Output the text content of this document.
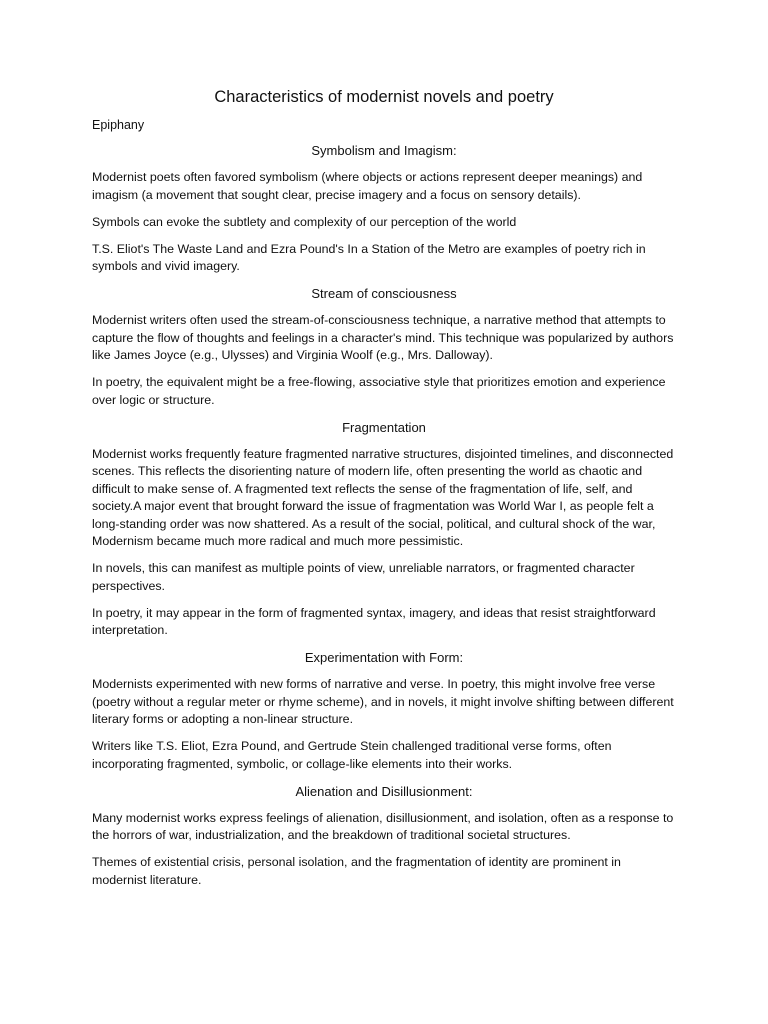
Characteristics of modernist novels and poetry

Epiphany

Symbolism and Imagism:

Modernist poets often favored symbolism (where objects or actions represent deeper meanings) and imagism (a movement that sought clear, precise imagery and a focus on sensory details).

Symbols can evoke the subtlety and complexity of our perception of the world

T.S. Eliot's The Waste Land and Ezra Pound's In a Station of the Metro are examples of poetry rich in symbols and vivid imagery.

Stream of consciousness

Modernist writers often used the stream-of-consciousness technique, a narrative method that attempts to capture the flow of thoughts and feelings in a character's mind. This technique was popularized by authors like James Joyce (e.g., Ulysses) and Virginia Woolf (e.g., Mrs. Dalloway).

In poetry, the equivalent might be a free-flowing, associative style that prioritizes emotion and experience over logic or structure.

Fragmentation

Modernist works frequently feature fragmented narrative structures, disjointed timelines, and disconnected scenes. This reflects the disorienting nature of modern life, often presenting the world as chaotic and difficult to make sense of. A fragmented text reflects the sense of the fragmentation of life, self, and society.A major event that brought forward the issue of fragmentation was World War I, as people felt a long-standing order was now shattered. As a result of the social, political, and cultural shock of the war, Modernism became much more radical and much more pessimistic.

In novels, this can manifest as multiple points of view, unreliable narrators, or fragmented character perspectives.

In poetry, it may appear in the form of fragmented syntax, imagery, and ideas that resist straightforward interpretation.

Experimentation with Form:

Modernists experimented with new forms of narrative and verse. In poetry, this might involve free verse (poetry without a regular meter or rhyme scheme), and in novels, it might involve shifting between different literary forms or adopting a non-linear structure.

Writers like T.S. Eliot, Ezra Pound, and Gertrude Stein challenged traditional verse forms, often incorporating fragmented, symbolic, or collage-like elements into their works.

Alienation and Disillusionment:

Many modernist works express feelings of alienation, disillusionment, and isolation, often as a response to the horrors of war, industrialization, and the breakdown of traditional societal structures.

Themes of existential crisis, personal isolation, and the fragmentation of identity are prominent in modernist literature.
